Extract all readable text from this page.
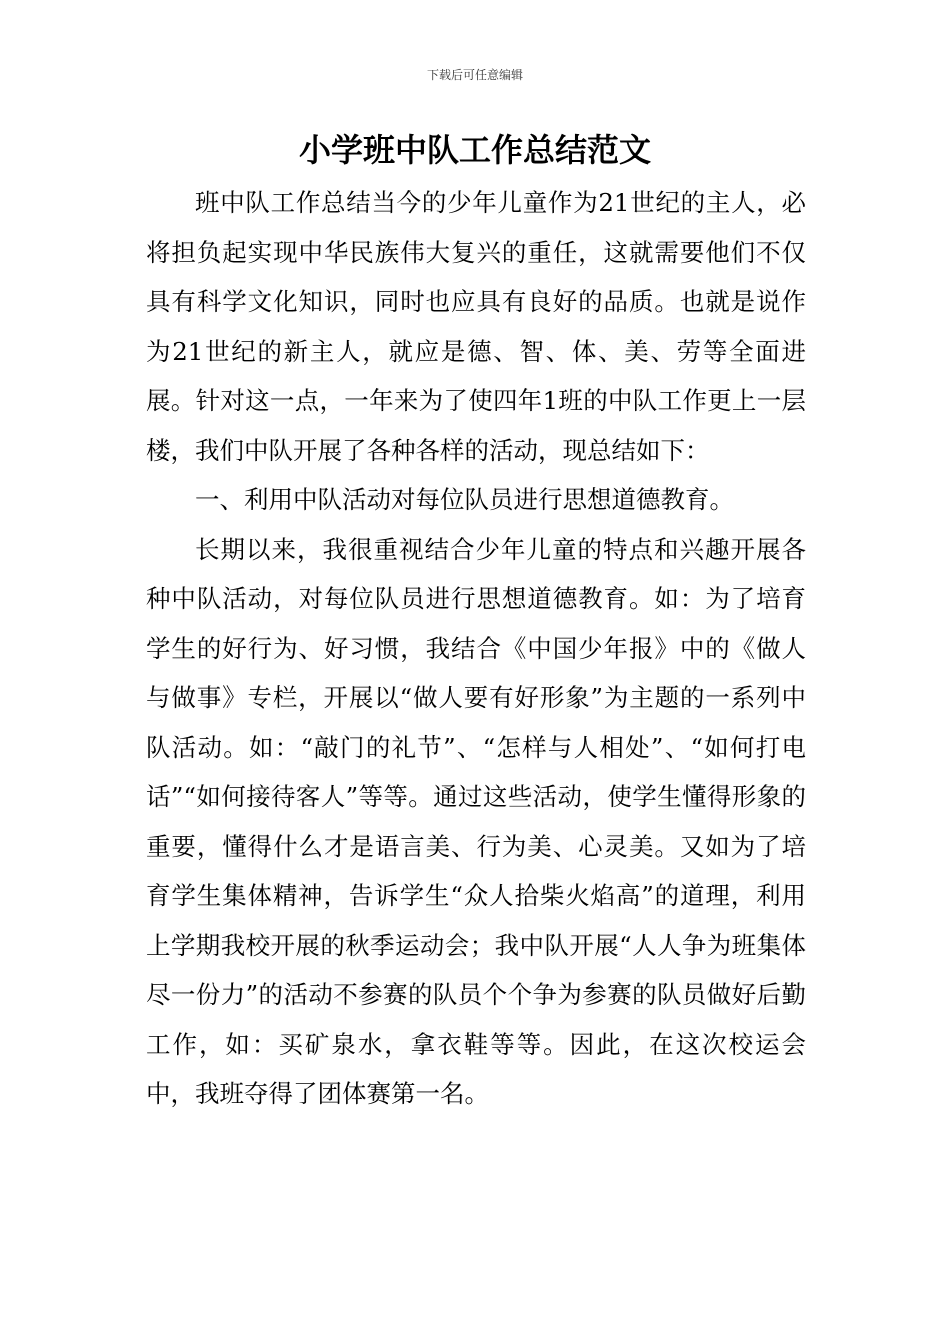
下载后可任意编辑
小学班中队工作总结范文

班中队工作总结当今的少年儿童作为21世纪的主人，必将担负起实现中华民族伟大复兴的重任，这就需要他们不仅具有科学文化知识，同时也应具有良好的品质。也就是说作为21世纪的新主人，就应是德、智、体、美、劳等全面进展。针对这一点，一年来为了使四年1班的中队工作更上一层楼，我们中队开展了各种各样的活动，现总结如下：

一、利用中队活动对每位队员进行思想道德教育。

长期以来，我很重视结合少年儿童的特点和兴趣开展各种中队活动，对每位队员进行思想道德教育。如：为了培育学生的好行为、好习惯，我结合《中国少年报》中的《做人与做事》专栏，开展以“做人要有好形象”为主题的一系列中队活动。如：“敲门的礼节”、“怎样与人相处”、“如何打电话”“如何接待客人”等等。通过这些活动，使学生懂得形象的重要，懂得什么才是语言美、行为美、心灵美。又如为了培育学生集体精神，告诉学生“众人拾柴火焰高”的道理，利用上学期我校开展的秋季运动会；我中队开展“人人争为班集体尽一份力”的活动不参赛的队员个个争为参赛的队员做好后勤工作，如：买矿泉水，拿衣鞋等等。因此，在这次校运会中，我班夺得了团体赛第一名。
